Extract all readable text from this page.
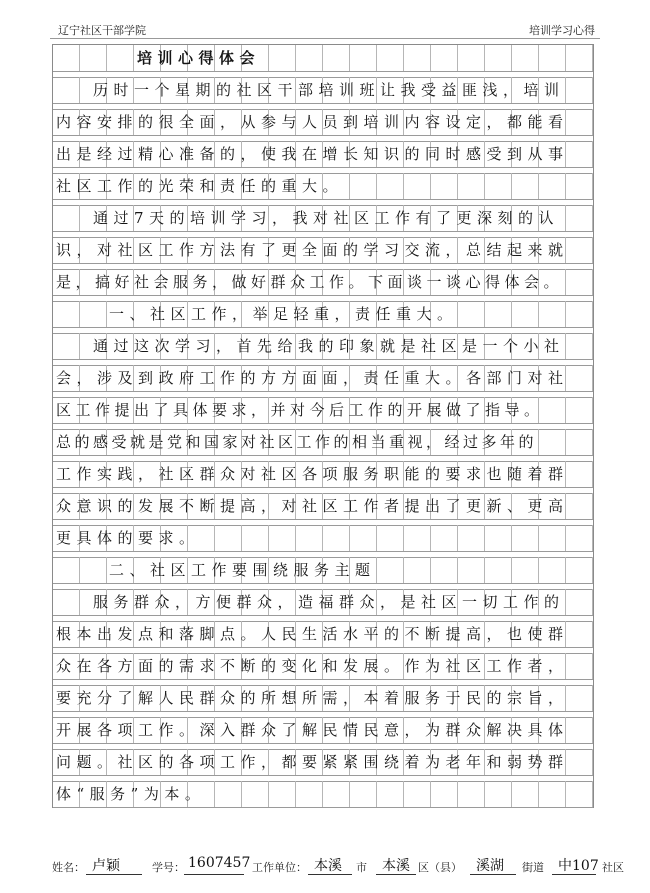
辽宁社区干部学院	培训学习心得
培训心得体会
历时一个星期的社区干部培训班让我受益匪浅，培训
内容安排的很全面，从参与人员到培训内容设定，都能看
出是经过精心准备的，使我在增长知识的同时感受到从事
社区工作的光荣和责任的重大。
通过7天的培训学习，我对社区工作有了更深刻的认
识，对社区工作方法有了更全面的学习交流，总结起来就
是，搞好社会服务，做好群众工作。下面谈一谈心得体会。
一、社区工作，举足轻重，责任重大。
通过这次学习，首先给我的印象就是社区是一个小社
会，涉及到政府工作的方方面面，责任重大。各部门对社
区工作提出了具体要求，并对今后工作的开展做了指导。
总的感受就是党和国家对社区工作的相当重视，经过多年的
工作实践，社区群众对社区各项服务职能的要求也随着群
众意识的发展不断提高，对社区工作者提出了更新、更高
更具体的要求。
二、社区工作要围绕服务主题
服务群众，方便群众，造福群众，是社区一切工作的
根本出发点和落脚点。人民生活水平的不断提高，也使群
众在各方面的需求不断的变化和发展。作为社区工作者，
要充分了解人民群众的所想所需，本着服务于民的宗旨，
开展各项工作。深入群众了解民情民意，为群众解决具体
问题。社区的各项工作，都要紧紧围绕着为老年和弱势群
体“服务”为本。
姓名： 卢颖	学号： 1607457 工作单位： 本溪 市 本溪 区（县） 溪湖 街道 中107 社区
